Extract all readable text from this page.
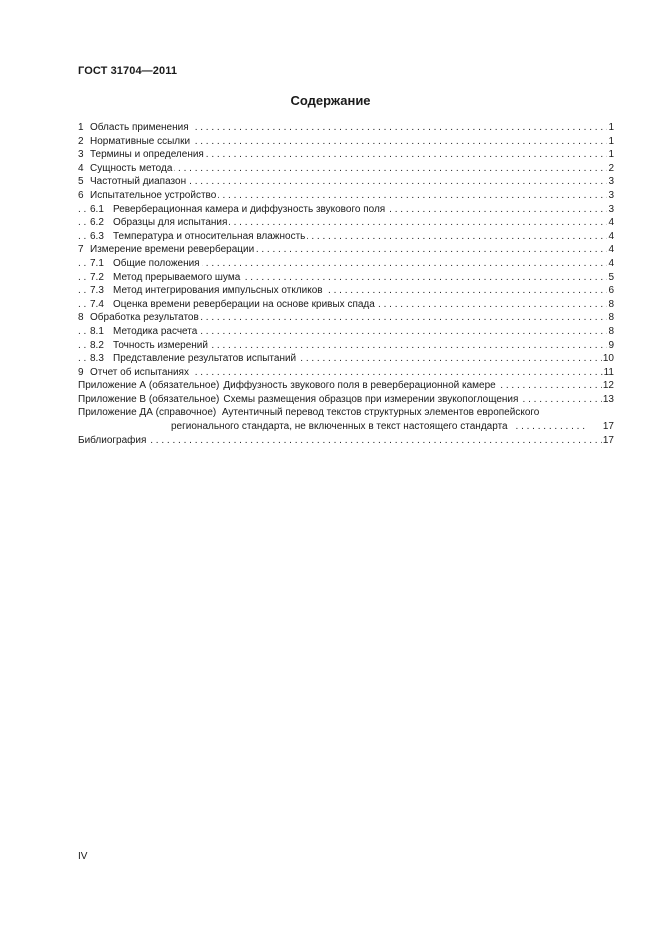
ГОСТ 31704—2011
Содержание
. . .
1 Область применения	1
. . .
2 Нормативные ссылки	1
. . .
3 Термины и определения	1
. . .
4 Сущность метода	2
. . .
5 Частотный диапазон	3
. . .
6 Испытательное устройство	3
. . .
6.1 Реверберационная камера и диффузность звукового поля	3
. . .
6.2 Образцы для испытания	4
. . .
6.3 Температура и относительная влажность	4
. . .
7 Измерение времени реверберации	4
. . .
7.1 Общие положения	4
. . .
7.2 Метод прерываемого шума	5
. . .
7.3 Метод интегрирования импульсных откликов	6
. . .
7.4 Оценка времени реверберации на основе кривых спада	8
. . .
8 Обработка результатов	8
. . .
8.1 Методика расчета	8
. . .
8.2 Точность измерений	9
. . .
8.3 Представление результатов испытаний	10
. . .
9 Отчет об испытаниях	11
. . .
Приложение А (обязательное) Диффузность звукового поля в реверберационной камере	12
. . .
Приложение В (обязательное) Схемы размещения образцов при измерении звукопоглощения	13
Приложение ДА (справочное) Аутентичный перевод текстов структурных элементов европейского
. . .
регионального стандарта, не включенных в текст настоящего стандарта	17
. . .
Библиография	17
IV
